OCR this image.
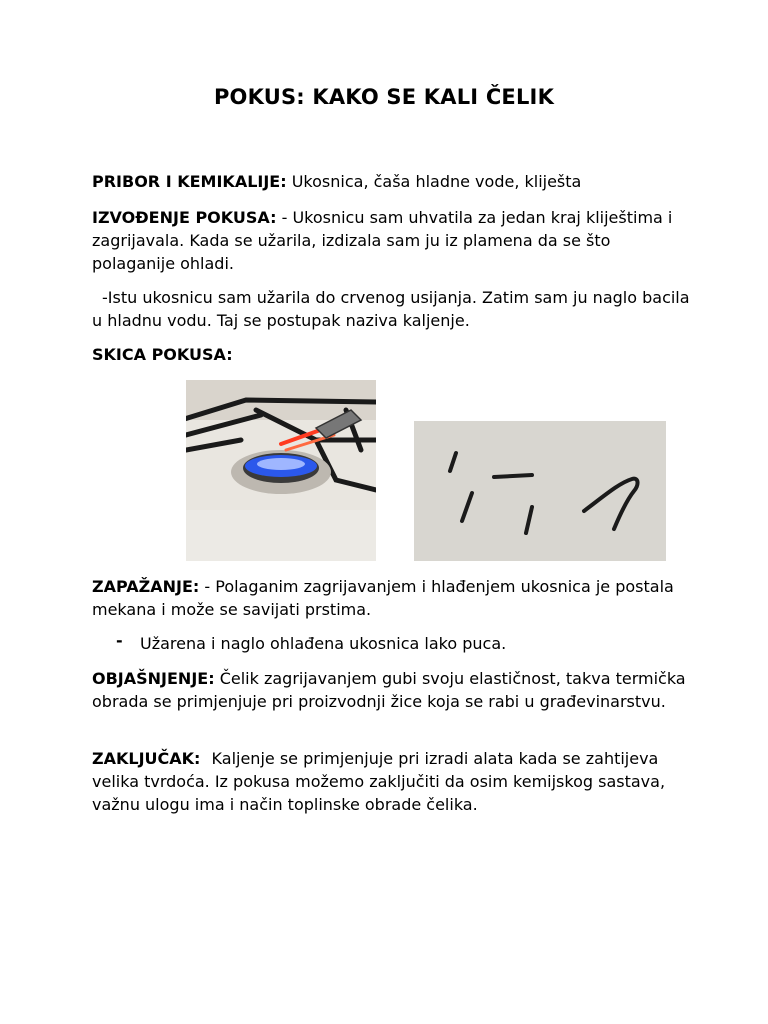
POKUS: KAKO SE KALI ČELIK
PRIBOR I KEMIKALIJE: Ukosnica, čaša hladne vode, kliješta
IZVOĐENJE POKUSA: - Ukosnicu sam uhvatila za jedan kraj kliještima i zagrijavala. Kada se užarila, izdizala sam ju iz plamena da se što polaganije ohladi.
-Istu ukosnicu sam užarila do crvenog usijanja. Zatim sam ju naglo bacila u hladnu vodu. Taj se postupak naziva kaljenje.
SKICA POKUSA:
ZAPAŽANJE: - Polaganim zagrijavanjem i hlađenjem ukosnica je postala mekana i može se savijati prstima.
- Užarena i naglo ohlađena ukosnica lako puca.
OBJAŠNJENJE: Čelik zagrijavanjem gubi svoju elastičnost, takva termička obrada se primjenjuje pri proizvodnji žice koja se rabi u građevinarstvu.
ZAKLJUČAK: Kaljenje se primjenjuje pri izradi alata kada se zahtijeva velika tvrdoća. Iz pokusa možemo zaključiti da osim kemijskog sastava, važnu ulogu ima i način toplinske obrade čelika.
